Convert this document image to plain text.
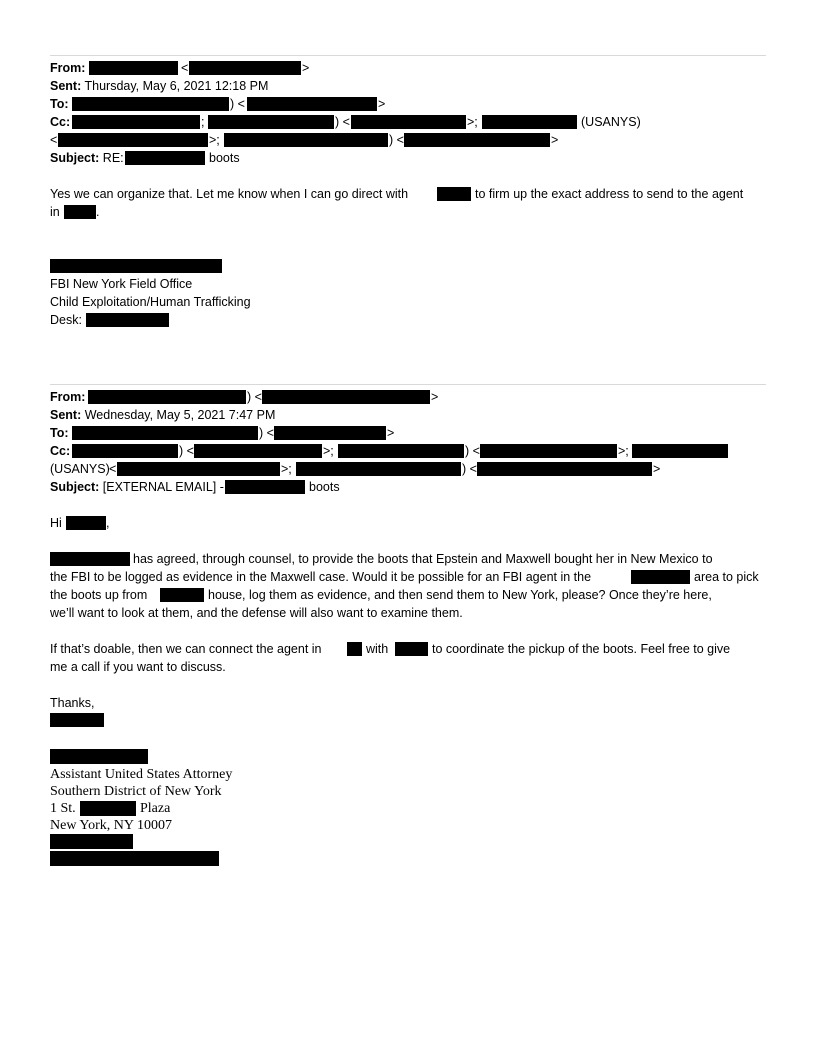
From:	<	>
Sent: Thursday, May 6, 2021 12:18 PM
To:	) <	>
Cc:	;	) <	>;	(USANYS)
<	>;	) <	>
Subject: RE:	boots
Yes we can organize that. Let me know when I can go direct with	to firm up the exact address to send to the agent
in	.
FBI New York Field Office
Child Exploitation/Human Trafficking
Desk:
From:	) <	>
Sent: Wednesday, May 5, 2021 7:47 PM
To:	) <	>
Cc:	) <	>;	) <	>;
(USANYS) <	>;	) <	>
Subject: [EXTERNAL EMAIL] -	boots
Hi	,
has agreed, through counsel, to provide the boots that Epstein and Maxwell bought her in New Mexico to
the FBI to be logged as evidence in the Maxwell case. Would it be possible for an FBI agent in the	area to pick
the boots up from	house, log them as evidence, and then send them to New York, please? Once they’re here,
we’ll want to look at them, and the defense will also want to examine them.
If that’s doable, then we can connect the agent in	with	to coordinate the pickup of the boots. Feel free to give
me a call if you want to discuss.
Thanks,
Assistant United States Attorney
Southern District of New York
1 St.	Plaza
New York, NY 10007
